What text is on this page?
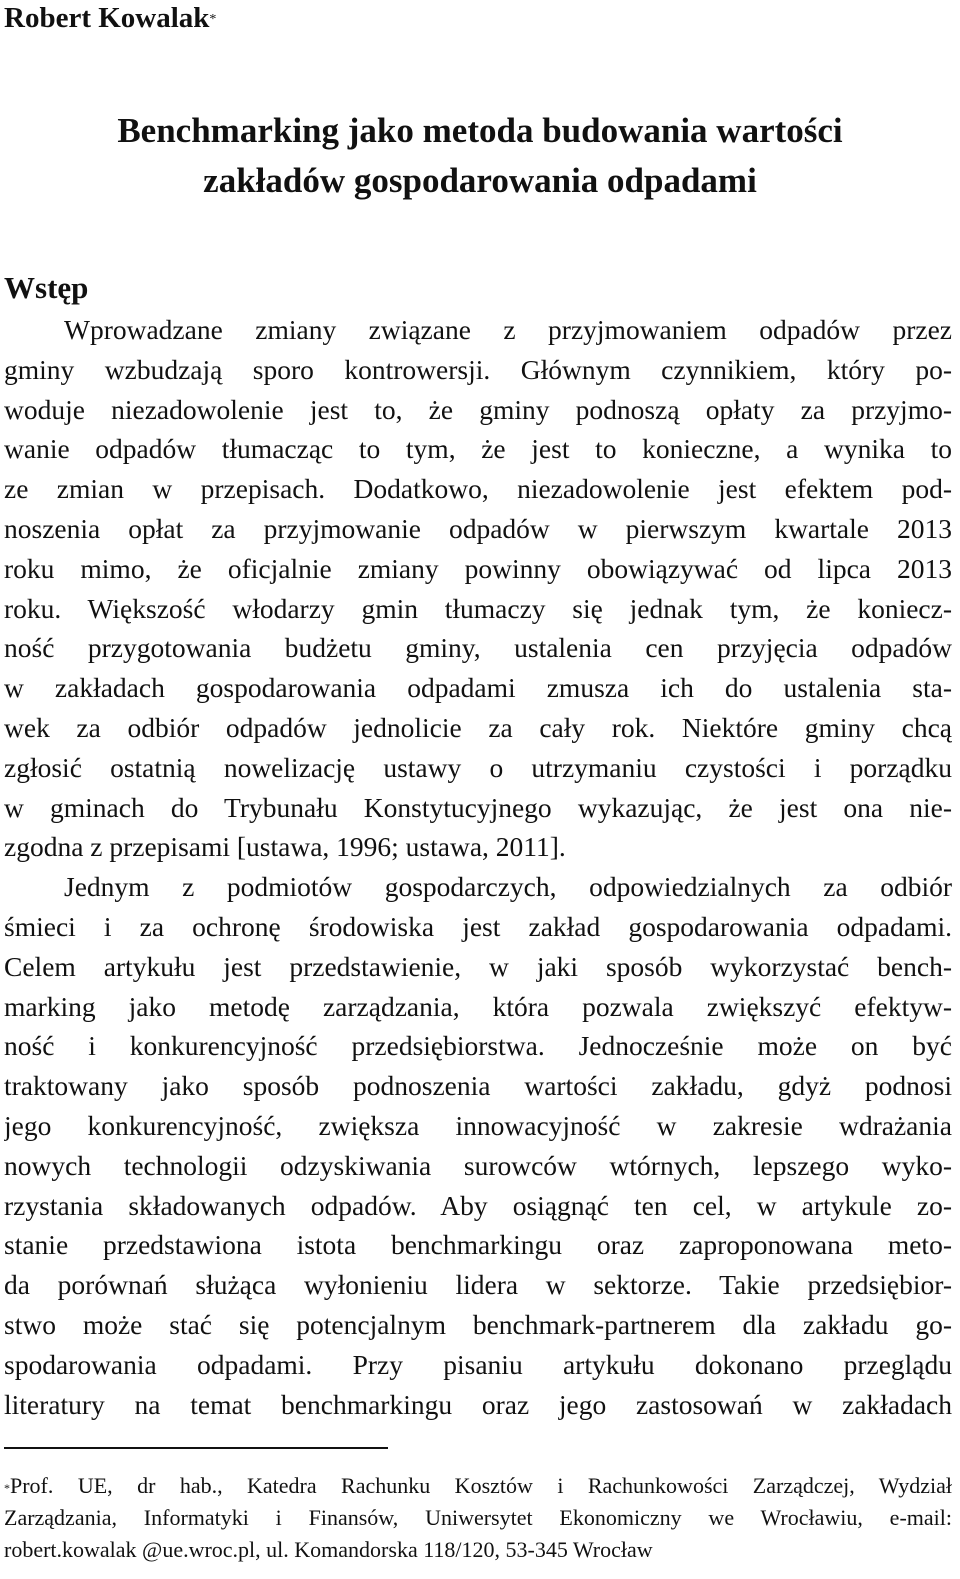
Robert Kowalak*
Benchmarking jako metoda budowania wartości
zakładów gospodarowania odpadami
Wstęp
Wprowadzane zmiany związane z przyjmowaniem odpadów przez
gminy wzbudzają sporo kontrowersji. Głównym czynnikiem, który po-
woduje niezadowolenie jest to, że gminy podnoszą opłaty za przyjmo-
wanie odpadów tłumacząc to tym, że jest to konieczne, a wynika to
ze zmian w przepisach. Dodatkowo, niezadowolenie jest efektem pod-
noszenia opłat za przyjmowanie odpadów w pierwszym kwartale 2013
roku mimo, że oficjalnie zmiany powinny obowiązywać od lipca 2013
roku. Większość włodarzy gmin tłumaczy się jednak tym, że koniecz-
ność przygotowania budżetu gminy, ustalenia cen przyjęcia odpadów
w zakładach gospodarowania odpadami zmusza ich do ustalenia sta-
wek za odbiór odpadów jednolicie za cały rok. Niektóre gminy chcą
zgłosić ostatnią nowelizację ustawy o utrzymaniu czystości i porządku
w gminach do Trybunału Konstytucyjnego wykazując, że jest ona nie-
zgodna z przepisami [ustawa, 1996; ustawa, 2011].
Jednym z podmiotów gospodarczych, odpowiedzialnych za odbiór
śmieci i za ochronę środowiska jest zakład gospodarowania odpadami.
Celem artykułu jest przedstawienie, w jaki sposób wykorzystać bench-
marking jako metodę zarządzania, która pozwala zwiększyć efektyw-
ność i konkurencyjność przedsiębiorstwa. Jednocześnie może on być
traktowany jako sposób podnoszenia wartości zakładu, gdyż podnosi
jego konkurencyjność, zwiększa innowacyjność w zakresie wdrażania
nowych technologii odzyskiwania surowców wtórnych, lepszego wyko-
rzystania składowanych odpadów. Aby osiągnąć ten cel, w artykule zo-
stanie przedstawiona istota benchmarkingu oraz zaproponowana meto-
da porównań służąca wyłonieniu lidera w sektorze. Takie przedsiębior-
stwo może stać się potencjalnym benchmark-partnerem dla zakładu go-
spodarowania odpadami. Przy pisaniu artykułu dokonano przeglądu
literatury na temat benchmarkingu oraz jego zastosowań w zakładach
*Prof. UE, dr hab., Katedra Rachunku Kosztów i Rachunkowości Zarządczej, Wydział
Zarządzania, Informatyki i Finansów, Uniwersytet Ekonomiczny we Wrocławiu, e-mail:
robert.kowalak @ue.wroc.pl, ul. Komandorska 118/120, 53-345 Wrocław
